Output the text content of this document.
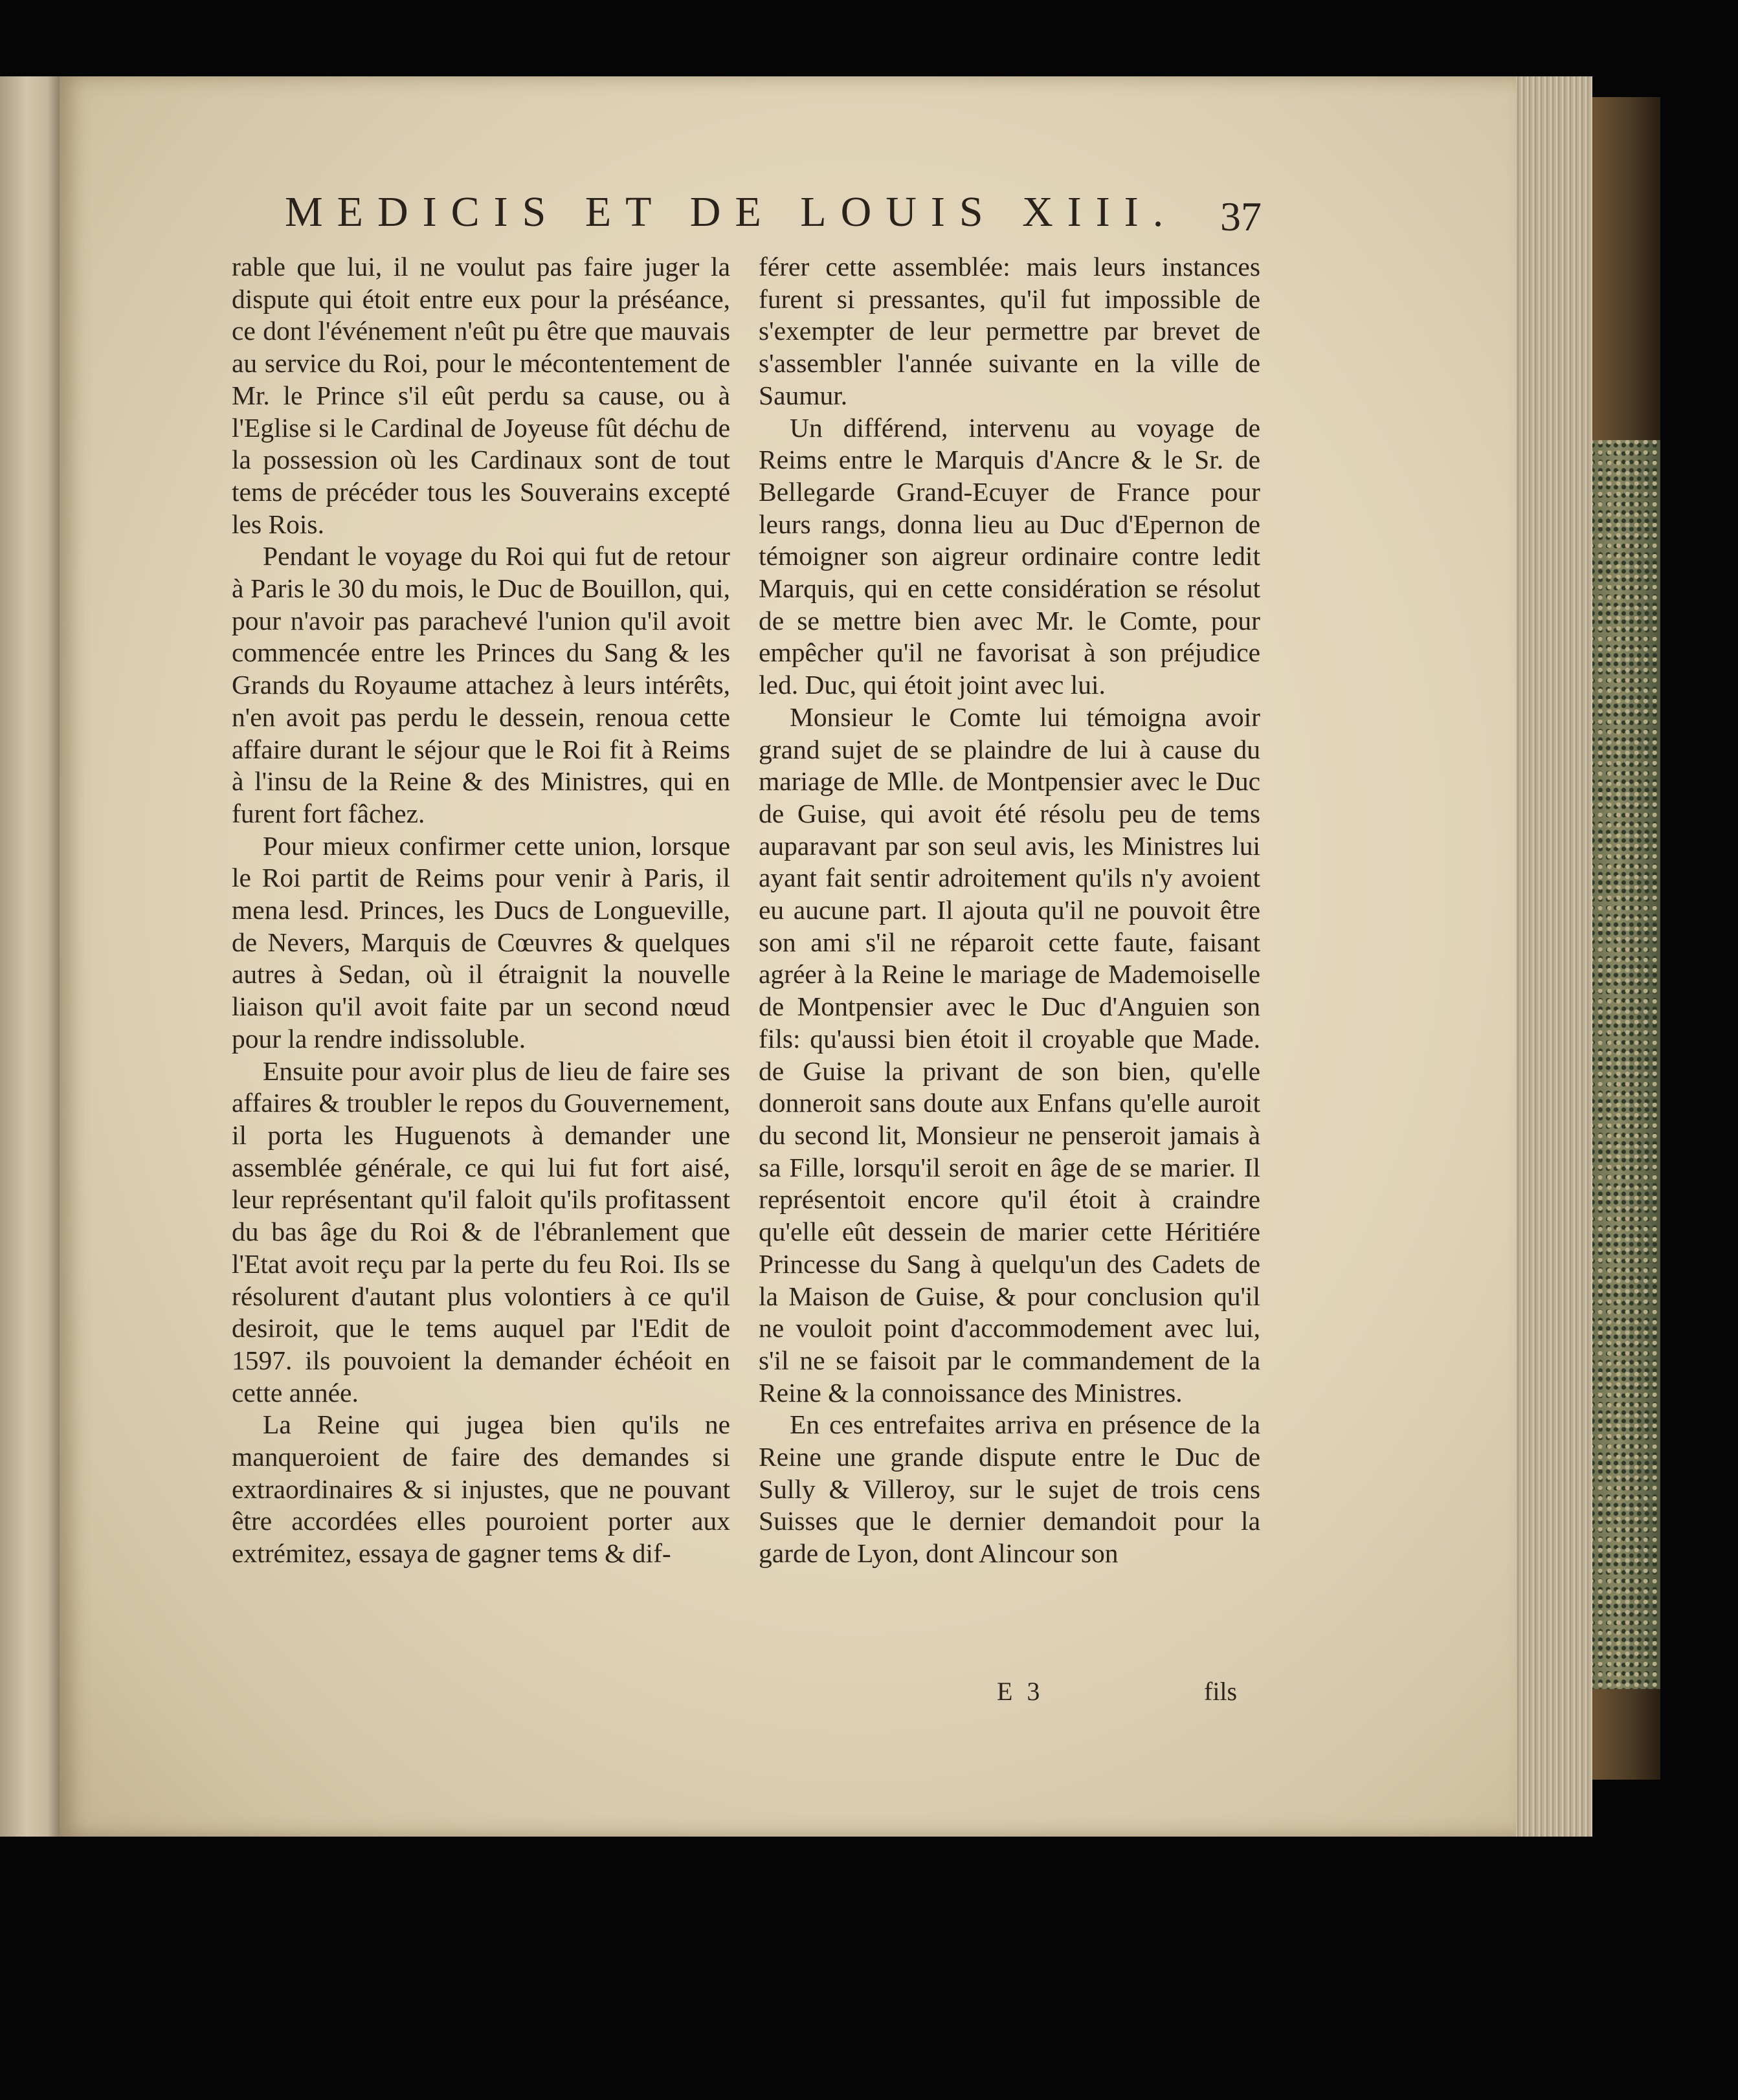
MEDICIS ET DE LOUIS XIII.	37

rable que lui, il ne voulut pas faire juger la dispute qui étoit entre eux pour la préséance, ce dont l'événement n'eût pu être que mauvais au service du Roi, pour le mécontentement de Mr. le Prince s'il eût perdu sa cause, ou à l'Eglise si le Cardinal de Joyeuse fût déchu de la possession où les Cardinaux sont de tout tems de précéder tous les Souverains excepté les Rois.

Pendant le voyage du Roi qui fut de retour à Paris le 30 du mois, le Duc de Bouillon, qui, pour n'avoir pas parachevé l'union qu'il avoit commencée entre les Princes du Sang & les Grands du Royaume attachez à leurs intérêts, n'en avoit pas perdu le dessein, renoua cette affaire durant le séjour que le Roi fit à Reims à l'insu de la Reine & des Ministres, qui en furent fort fâchez.

Pour mieux confirmer cette union, lorsque le Roi partit de Reims pour venir à Paris, il mena lesd. Princes, les Ducs de Longueville, de Nevers, Marquis de Cœuvres & quelques autres à Sedan, où il étraignit la nouvelle liaison qu'il avoit faite par un second nœud pour la rendre indissoluble.

Ensuite pour avoir plus de lieu de faire ses affaires & troubler le repos du Gouvernement, il porta les Huguenots à demander une assemblée générale, ce qui lui fut fort aisé, leur représentant qu'il faloit qu'ils profitassent du bas âge du Roi & de l'ébranlement que l'Etat avoit reçu par la perte du feu Roi. Ils se résolurent d'autant plus volontiers à ce qu'il desiroit, que le tems auquel par l'Edit de 1597. ils pouvoient la demander échéoit en cette année.

La Reine qui jugea bien qu'ils ne manqueroient de faire des demandes si extraordinaires & si injustes, que ne pouvant être accordées elles pouroient porter aux extrémitez, essaya de gagner tems & dif-

férer cette assemblée: mais leurs instances furent si pressantes, qu'il fut impossible de s'exempter de leur permettre par brevet de s'assembler l'année suivante en la ville de Saumur.

Un différend, intervenu au voyage de Reims entre le Marquis d'Ancre & le Sr. de Bellegarde Grand-Ecuyer de France pour leurs rangs, donna lieu au Duc d'Epernon de témoigner son aigreur ordinaire contre ledit Marquis, qui en cette considération se résolut de se mettre bien avec Mr. le Comte, pour empêcher qu'il ne favorisat à son préjudice led. Duc, qui étoit joint avec lui.

Monsieur le Comte lui témoigna avoir grand sujet de se plaindre de lui à cause du mariage de Mlle. de Montpensier avec le Duc de Guise, qui avoit été résolu peu de tems auparavant par son seul avis, les Ministres lui ayant fait sentir adroitement qu'ils n'y avoient eu aucune part. Il ajouta qu'il ne pouvoit être son ami s'il ne réparoit cette faute, faisant agréer à la Reine le mariage de Mademoiselle de Montpensier avec le Duc d'Anguien son fils: qu'aussi bien étoit il croyable que Made. de Guise la privant de son bien, qu'elle donneroit sans doute aux Enfans qu'elle auroit du second lit, Monsieur ne penseroit jamais à sa Fille, lorsqu'il seroit en âge de se marier. Il représentoit encore qu'il étoit à craindre qu'elle eût dessein de marier cette Héritiére Princesse du Sang à quelqu'un des Cadets de la Maison de Guise, & pour conclusion qu'il ne vouloit point d'accommodement avec lui, s'il ne se faisoit par le commandement de la Reine & la connoissance des Ministres.

En ces entrefaites arriva en présence de la Reine une grande dispute entre le Duc de Sully & Villeroy, sur le sujet de trois cens Suisses que le dernier demandoit pour la garde de Lyon, dont Alincour son

E 3	fils
